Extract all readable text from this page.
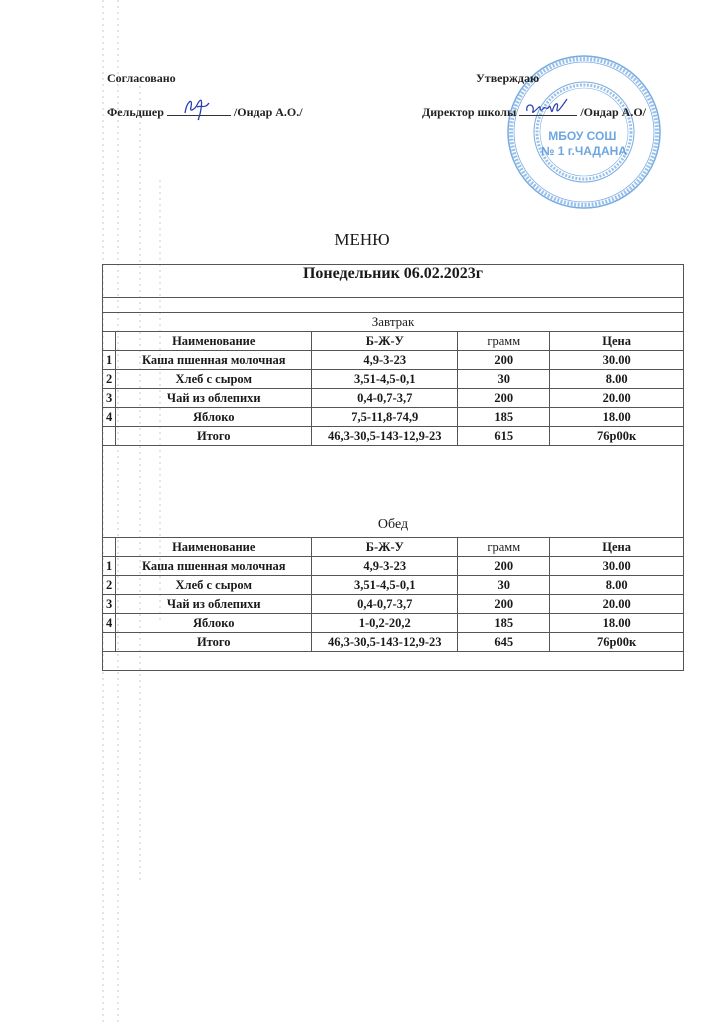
МБОУ СОШ № 1 г.ЧАДАНА
Согласовано
Фельдшер	/Ондар А.О./
Утверждаю
Директор школы	/Ондар А.О/
МЕНЮ
Понедельник 06.02.2023г				

Завтрак				
	Наименование	Б-Ж-У	грамм	Цена
1	Каша пшенная молочная	4,9-3-23	200	30.00
2	Хлеб с сыром	3,51-4,5-0,1	30	8.00
3	Чай из облепихи	0,4-0,7-3,7	200	20.00
4	Яблоко	7,5-11,8-74,9	185	18.00
	Итого	46,3-30,5-143-12,9-23	615	76р00к
Обед				
	Наименование	Б-Ж-У	грамм	Цена
1	Каша пшенная молочная	4,9-3-23	200	30.00
2	Хлеб с сыром	3,51-4,5-0,1	30	8.00
3	Чай из облепихи	0,4-0,7-3,7	200	20.00
4	Яблоко	1-0,2-20,2	185	18.00
	Итого	46,3-30,5-143-12,9-23	645	76р00к
